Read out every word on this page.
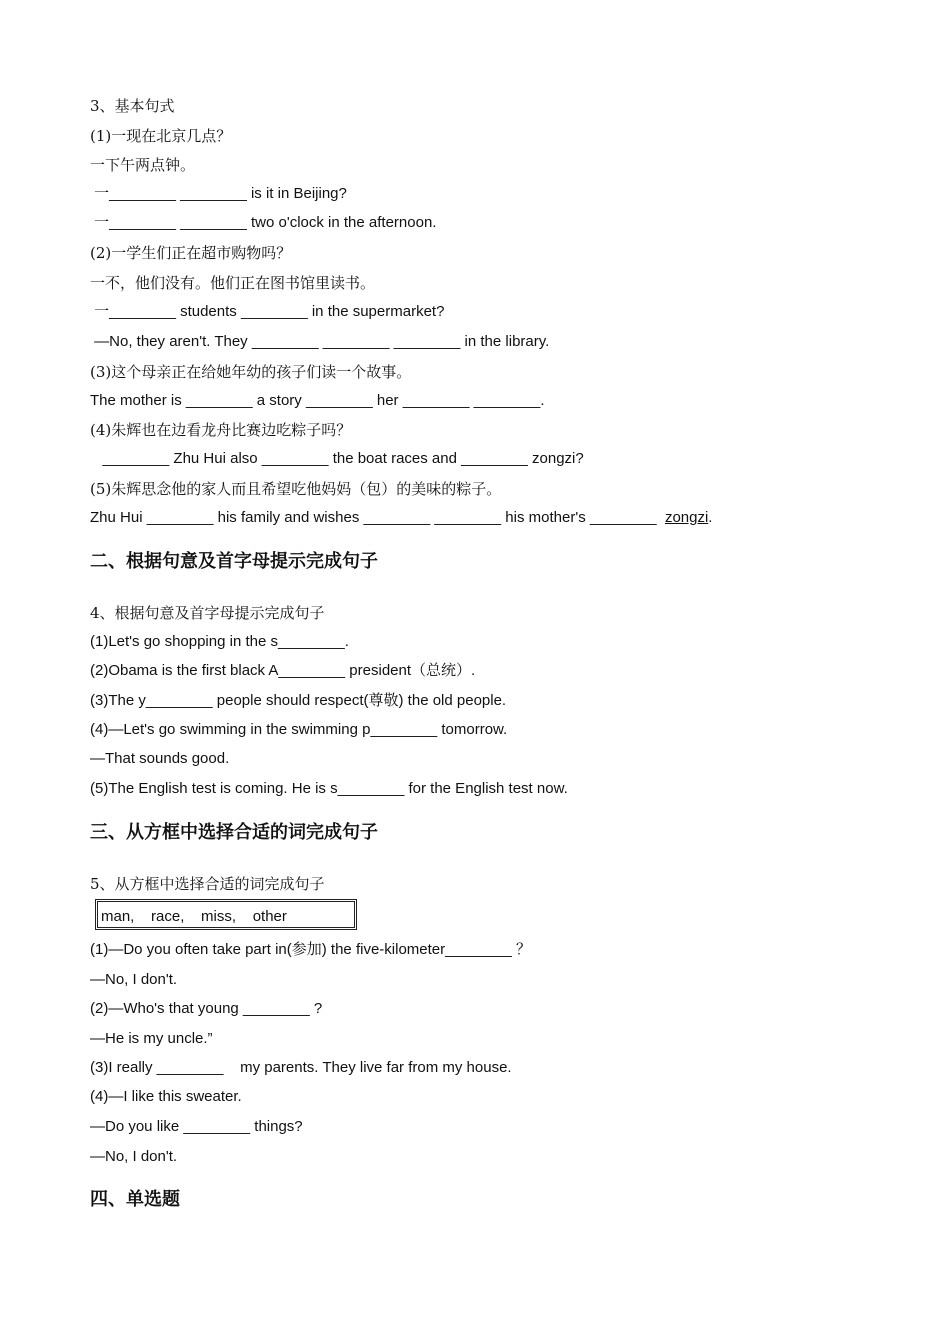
3、基本句式
(1)一现在北京几点？
一下午两点钟。
一________ ________ is it in Beijing?
一________ ________ two o'clock in the afternoon.
(2)一学生们正在超市购物吗？
一不，他们没有。他们正在图书馆里读书。
一________ students ________ in the supermarket?
—No, they aren't. They ________ ________ ________ in the library.
(3)这个母亲正在给她年幼的孩子们读一个故事。
The mother is ________ a story ________ her ________ ________.
(4)朱辉也在边看龙舟比赛边吃粽子吗？
________ Zhu Hui also ________ the boat races and ________ zongzi?
(5)朱辉思念他的家人而且希望吃他妈妈（包）的美味的粽子。
Zhu Hui ________ his family and wishes ________ ________ his mother's ________  zongzi.
二、根据句意及首字母提示完成句子
4、根据句意及首字母提示完成句子
(1)Let's go shopping in the s________.
(2)Obama is the first black A________ president（总统）.
(3)The y________ people should respect(尊敬) the old people.
(4)—Let's go swimming in the swimming p________ tomorrow.
—That sounds good.
(5)The English test is coming. He is s________ for the English test now.
三、从方框中选择合适的词完成句子
5、从方框中选择合适的词完成句子
man,    race,    miss,    other
(1)—Do you often take part in(参加) the five-kilometer________ ？
—No, I don't.
(2)—Who's that young ________ ?
—He is my uncle.”
(3)I really ________    my parents. They live far from my house.
(4)—I like this sweater.
—Do you like ________ things?
—No, I don't.
四、单选题
